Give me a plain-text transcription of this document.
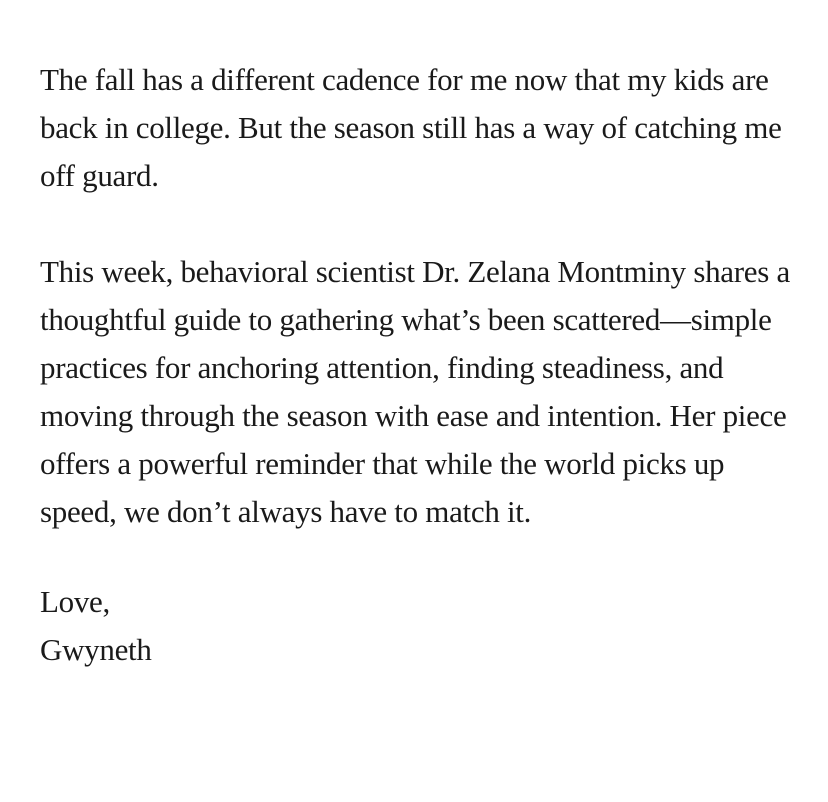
The fall has a different cadence for me now that my kids are back in college. But the season still has a way of catching me off guard.

This week, behavioral scientist Dr. Zelana Montminy shares a thoughtful guide to gathering what’s been scattered—simple practices for anchoring attention, finding steadiness, and moving through the season with ease and intention. Her piece offers a powerful reminder that while the world picks up speed, we don’t always have to match it.

Love,
Gwyneth
